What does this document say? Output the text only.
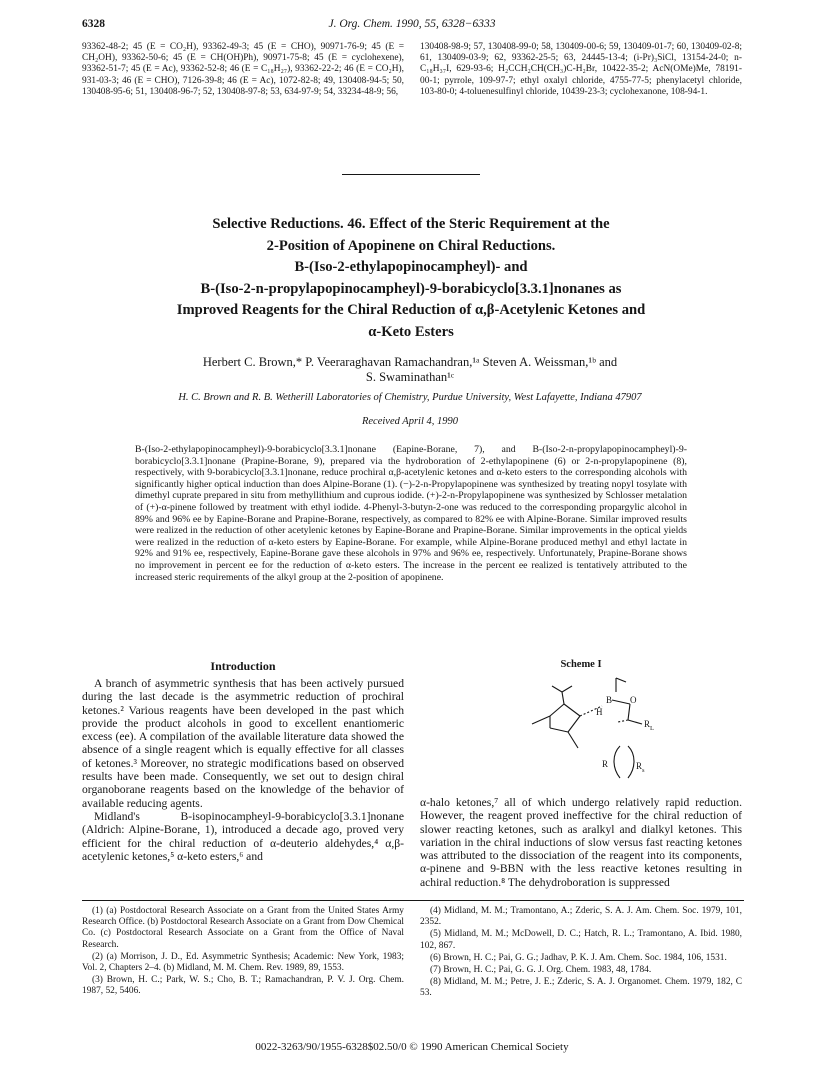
6328	J. Org. Chem. 1990, 55, 6328−6333
93362-48-2; 45 (E = CO₂H), 93362-49-3; 45 (E = CHO), 90971-76-9; 45 (E = CH₂OH), 93362-50-6; 45 (E = CH(OH)Ph), 90971-75-8; 45 (E = cyclohexene), 93362-51-7; 45 (E = Ac), 93362-52-8; 46 (E = C₁₈H₂₇), 93362-22-2; 46 (E = CO₂H), 931-03-3; 46 (E = CHO), 7126-39-8; 46 (E = Ac), 1072-82-8; 49, 130408-94-5; 50, 130408-95-6; 51, 130408-96-7; 52, 130408-97-8; 53, 634-97-9; 54, 33234-48-9; 56,
130408-98-9; 57, 130408-99-0; 58, 130409-00-6; 59, 130409-01-7; 60, 130409-02-8; 61, 130409-03-9; 62, 93362-25-5; 63, 24445-13-4; (i-Pr)₃SiCl, 13154-24-0; n-C₁₈H₃₇I, 629-93-6; H₂CCH₂CH(CH₃)C-H₂Br, 10422-35-2; AcN(OMe)Me, 78191-00-1; pyrrole, 109-97-7; ethyl oxalyl chloride, 4755-77-5; phenylacetyl chloride, 103-80-0; 4-toluenesulfinyl chloride, 10439-23-3; cyclohexanone, 108-94-1.
Selective Reductions. 46. Effect of the Steric Requirement at the
2-Position of Apopinene on Chiral Reductions.
B-(Iso-2-ethylapopinocampheyl)- and
B-(Iso-2-n-propylapopinocampheyl)-9-borabicyclo[3.3.1]nonanes as
Improved Reagents for the Chiral Reduction of α,β-Acetylenic Ketones and
α-Keto Esters
Herbert C. Brown,* P. Veeraraghavan Ramachandran,¹ᵃ Steven A. Weissman,¹ᵇ and
S. Swaminathan¹ᶜ
H. C. Brown and R. B. Wetherill Laboratories of Chemistry, Purdue University, West Lafayette, Indiana 47907
Received April 4, 1990
B-(Iso-2-ethylapopinocampheyl)-9-borabicyclo[3.3.1]nonane (Eapine-Borane, 7), and B-(Iso-2-n-propylapopinocampheyl)-9-borabicyclo[3.3.1]nonane (Prapine-Borane, 9), prepared via the hydroboration of 2-ethylapopinene (6) or 2-n-propylapopinene (8), respectively, with 9-borabicyclo[3.3.1]nonane, reduce prochiral α,β-acetylenic ketones and α-keto esters to the corresponding alcohols with significantly higher optical induction than does Alpine-Borane (1). (−)-2-n-Propylapopinene was synthesized by treating nopyl tosylate with dimethyl cuprate prepared in situ from methyllithium and cuprous iodide. (+)-2-n-Propylapopinene was synthesized by Schlosser metalation of (+)-α-pinene followed by treatment with ethyl iodide. 4-Phenyl-3-butyn-2-one was reduced to the corresponding propargylic alcohol in 89% and 96% ee by Eapine-Borane and Prapine-Borane, respectively, as compared to 82% ee with Alpine-Borane. Similar improved results were realized in the reduction of other acetylenic ketones by Eapine-Borane and Prapine-Borane. Similar improvements in the optical yields were realized in the reduction of α-keto esters by Eapine-Borane. For example, while Alpine-Borane produced methyl and ethyl lactate in 92% and 91% ee, respectively, Eapine-Borane gave these alcohols in 97% and 96% ee, respectively. Unfortunately, Prapine-Borane shows no improvement in percent ee for the reduction of α-keto esters. The increase in the percent ee realized is tentatively attributed to the increased steric requirements of the alkyl group at the 2-position of apopinene.
Introduction

A branch of asymmetric synthesis that has been actively pursued during the last decade is the asymmetric reduction of prochiral ketones.² Various reagents have been developed in the past which provide the product alcohols in good to excellent enantiomeric excess (ee). A compilation of the available literature data showed the absence of a single reagent which is equally effective for all classes of ketones.³ Moreover, no strategic modifications based on observed results have been made. Consequently, we set out to design chiral organoborane reagents based on the knowledge of the behavior of available reducing agents.

Midland's B-isopinocampheyl-9-borabicyclo[3.3.1]nonane (Aldrich: Alpine-Borane, 1), introduced a decade ago, proved very efficient for the chiral reduction of α-deuterio aldehydes,⁴ α,β-acetylenic ketones,⁵ α-keto esters,⁶ and

Scheme I
B
H
O
$R_L$
R	$R_s$

α-halo ketones,⁷ all of which undergo relatively rapid reduction. However, the reagent proved ineffective for the chiral reduction of slower reacting ketones, such as aralkyl and dialkyl ketones. This variation in the chiral inductions of slow versus fast reacting ketones was attributed to the dissociation of the reagent into its components, α-pinene and 9-BBN with the less reactive ketones resulting in achiral reduction.⁸ The dehydroboration is suppressed

(1) (a) Postdoctoral Research Associate on a Grant from the United States Army Research Office. (b) Postdoctoral Research Associate on a Grant from Dow Chemical Co. (c) Postdoctoral Research Associate on a Grant from the Office of Naval Research.

(2) (a) Morrison, J. D., Ed. Asymmetric Synthesis; Academic: New York, 1983; Vol. 2, Chapters 2–4. (b) Midland, M. M. Chem. Rev. 1989, 89, 1553.

(3) Brown, H. C.; Park, W. S.; Cho, B. T.; Ramachandran, P. V. J. Org. Chem. 1987, 52, 5406.

(4) Midland, M. M.; Tramontano, A.; Zderic, S. A. J. Am. Chem. Soc. 1979, 101, 2352.

(5) Midland, M. M.; McDowell, D. C.; Hatch, R. L.; Tramontano, A. Ibid. 1980, 102, 867.

(6) Brown, H. C.; Pai, G. G.; Jadhav, P. K. J. Am. Chem. Soc. 1984, 106, 1531.

(7) Brown, H. C.; Pai, G. G. J. Org. Chem. 1983, 48, 1784.

(8) Midland, M. M.; Petre, J. E.; Zderic, S. A. J. Organomet. Chem. 1979, 182, C 53.

0022-3263/90/1955-6328$02.50/0 © 1990 American Chemical Society
